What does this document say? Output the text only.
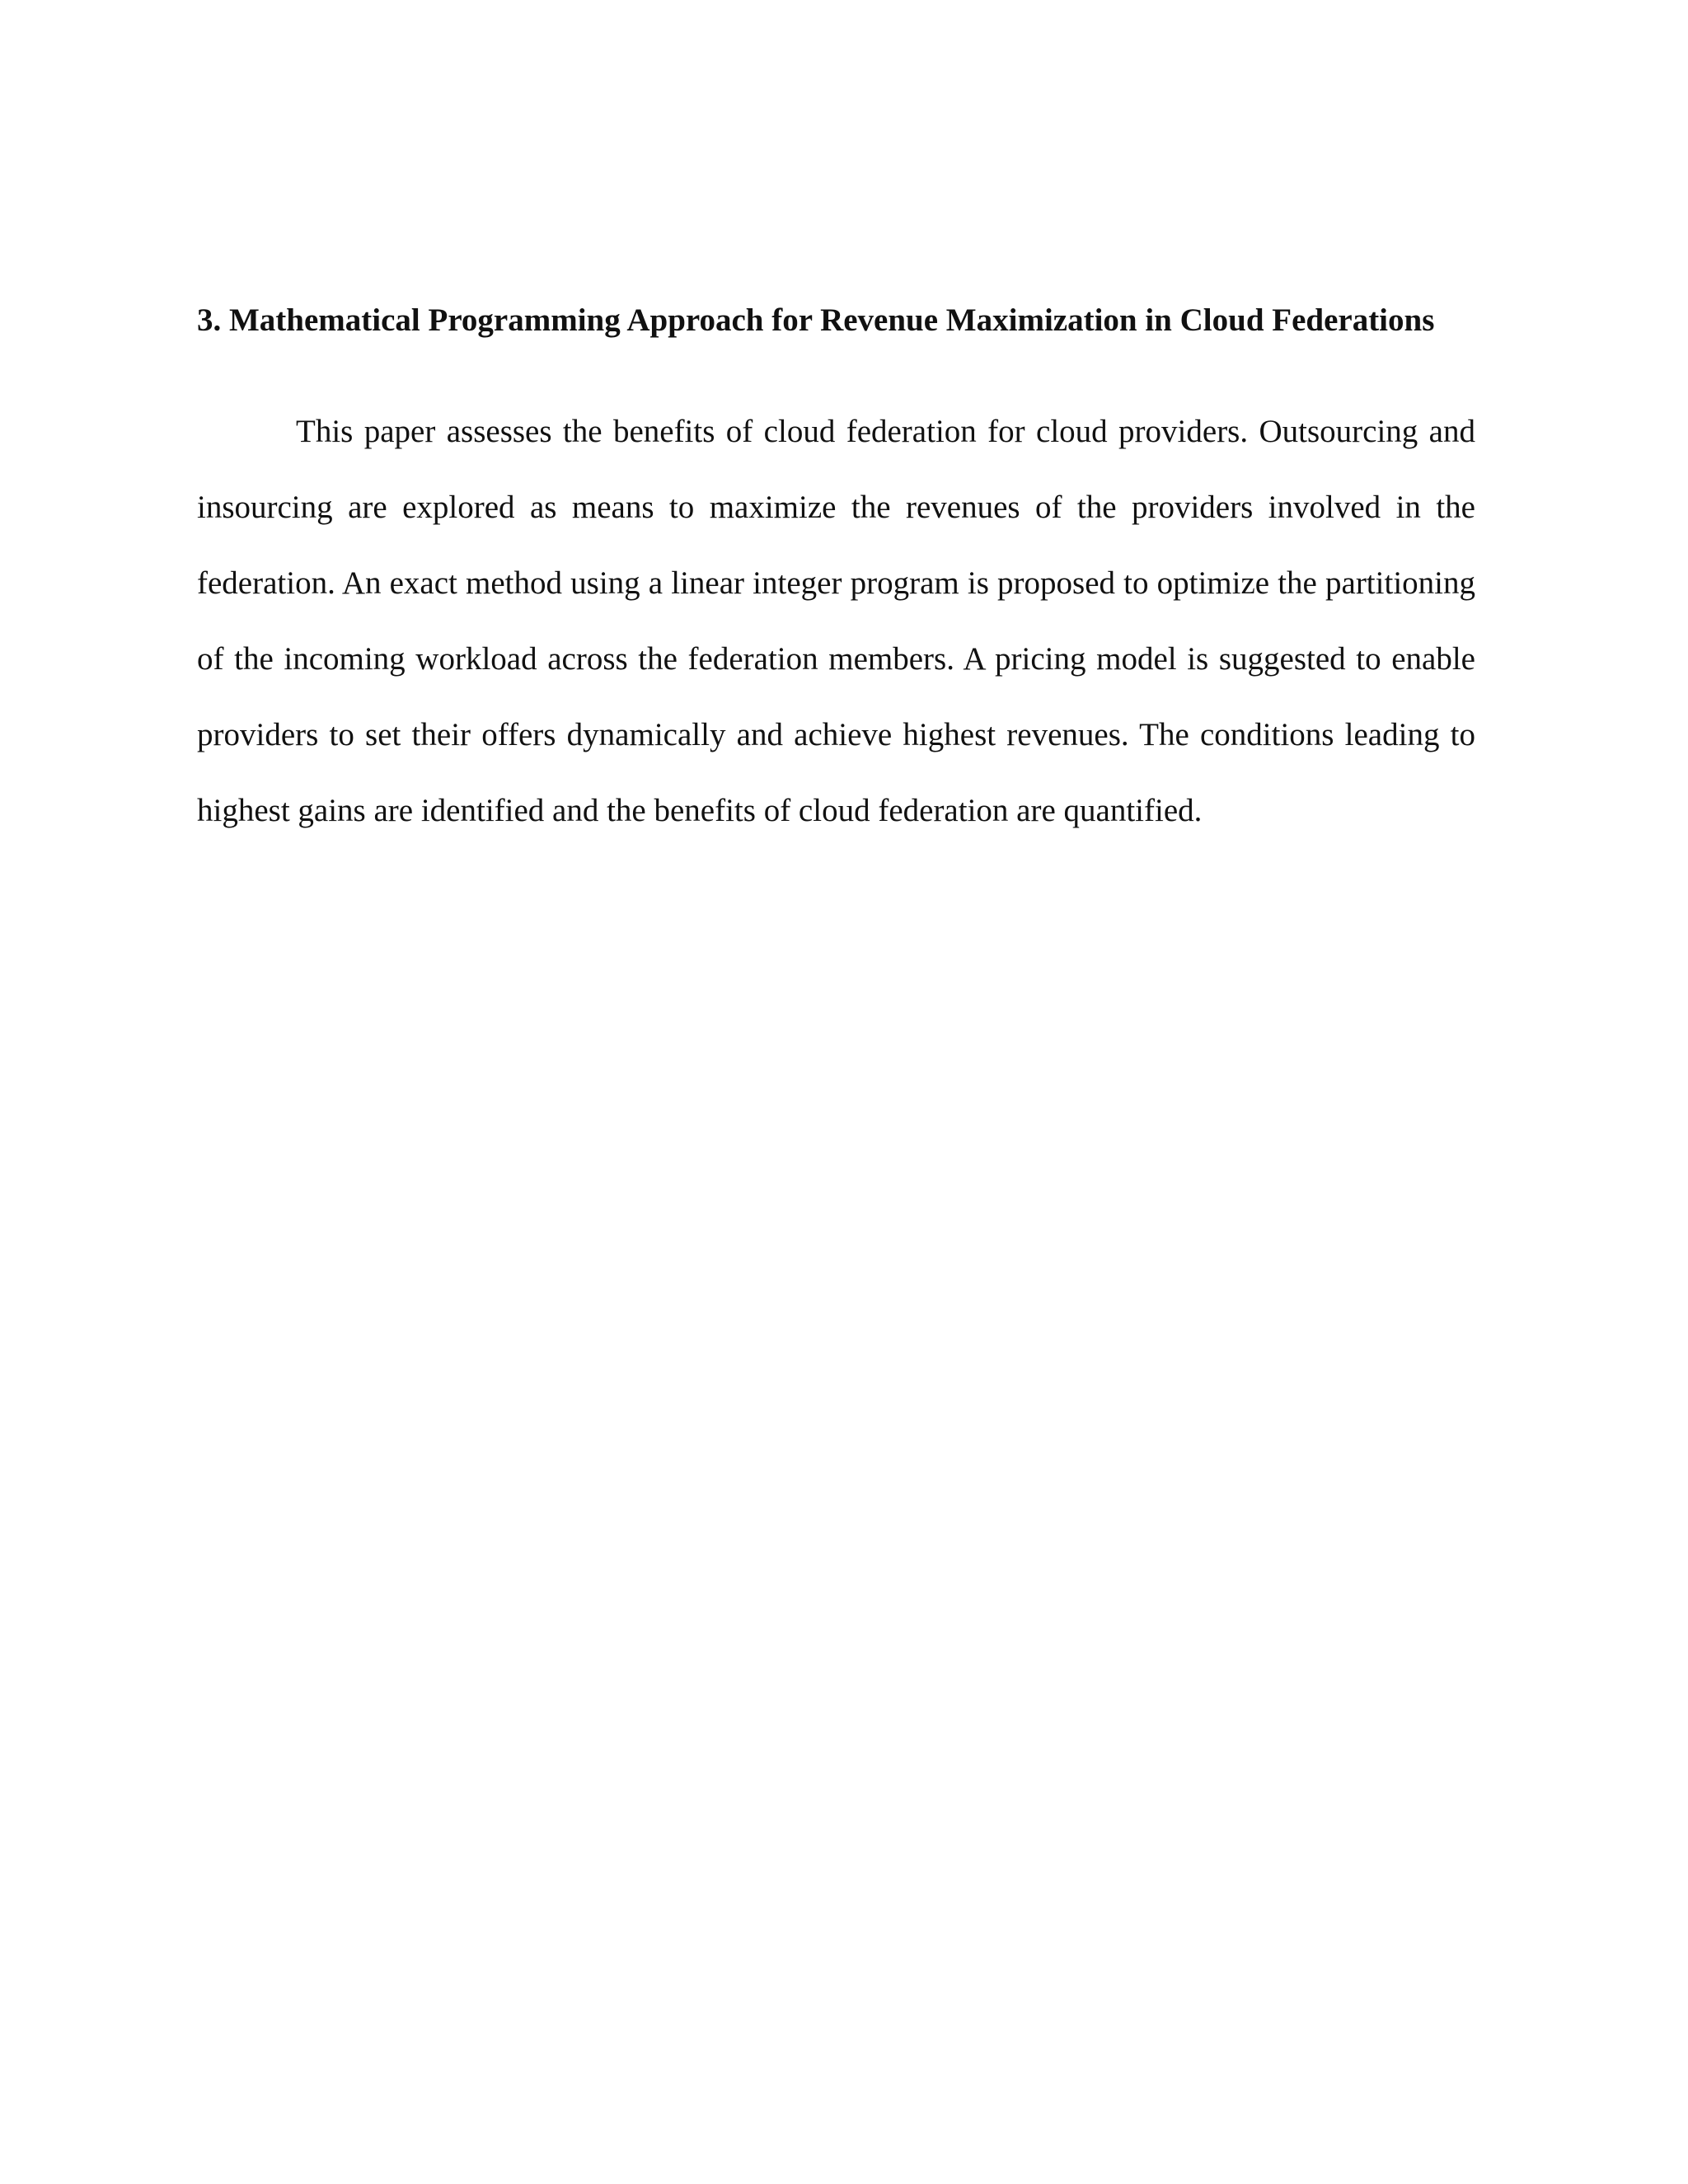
3. Mathematical Programming Approach for Revenue Maximization in Cloud Federations

This paper assesses the benefits of cloud federation for cloud providers. Outsourcing and insourcing are explored as means to maximize the revenues of the providers involved in the federation. An exact method using a linear integer program is proposed to optimize the partitioning of the incoming workload across the federation members. A pricing model is suggested to enable providers to set their offers dynamically and achieve highest revenues. The conditions leading to highest gains are identified and the benefits of cloud federation are quantified.
